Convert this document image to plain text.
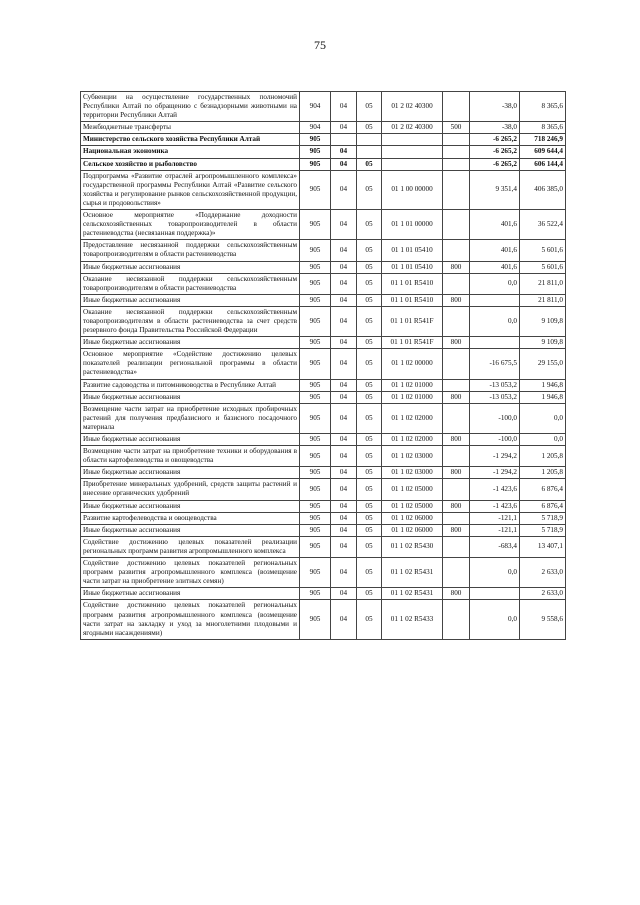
75
Субвенции на осуществление государственных полномочий Республики Алтай по обращению с безнадзорными животными на территории Республики Алтай	904	04	05	01 2 02 40300		-38,0	8 365,6
Межбюджетные трансферты	904	04	05	01 2 02 40300	500	-38,0	8 365,6
Министерство сельского хозяйства Республики Алтай	905					-6 265,2	718 246,9
Национальная экономика	905	04				-6 265,2	609 644,4
Сельское хозяйство и рыболовство	905	04	05			-6 265,2	606 144,4
Подпрограмма «Развитие отраслей агропромышленного комплекса» государственной программы Республики Алтай «Развитие сельского хозяйства и регулирование рынков сельскохозяйственной продукции, сырья и продовольствия»	905	04	05	01 1 00 00000		9 351,4	406 385,0
Основное мероприятие «Поддержание доходности сельскохозяйственных товаропроизводителей в области растениеводства (несвязанная поддержка)»	905	04	05	01 1 01 00000		401,6	36 522,4
Предоставление несвязанной поддержки сельскохозяйственным товаропроизводителям в области растениеводства	905	04	05	01 1 01 05410		401,6	5 601,6
Иные бюджетные ассигнования	905	04	05	01 1 01 05410	800	401,6	5 601,6
Оказание несвязанной поддержки сельскохозяйственным товаропроизводителям в области растениеводства	905	04	05	01 1 01 R5410		0,0	21 811,0
Иные бюджетные ассигнования	905	04	05	01 1 01 R5410	800		21 811,0
Оказание несвязанной поддержки сельскохозяйственным товаропроизводителям в области растениеводства за счет средств резервного фонда Правительства Российской Федерации	905	04	05	01 1 01 R541F		0,0	9 109,8
Иные бюджетные ассигнования	905	04	05	01 1 01 R541F	800		9 109,8
Основное мероприятие «Содействие достижению целевых показателей реализации региональной программы в области растениеводства»	905	04	05	01 1 02 00000		-16 675,5	29 155,0
Развитие садоводства и питомниководства в Республике Алтай	905	04	05	01 1 02 01000		-13 053,2	1 946,8
Иные бюджетные ассигнования	905	04	05	01 1 02 01000	800	-13 053,2	1 946,8
Возмещение части затрат на приобретение исходных пробирочных растений для получения предбазисного и базисного посадочного материала	905	04	05	01 1 02 02000		-100,0	0,0
Иные бюджетные ассигнования	905	04	05	01 1 02 02000	800	-100,0	0,0
Возмещение части затрат на приобретение техники и оборудования в области картофелеводства и овощеводства	905	04	05	01 1 02 03000		-1 294,2	1 205,8
Иные бюджетные ассигнования	905	04	05	01 1 02 03000	800	-1 294,2	1 205,8
Приобретение минеральных удобрений, средств защиты растений и внесение органических удобрений	905	04	05	01 1 02 05000		-1 423,6	6 876,4
Иные бюджетные ассигнования	905	04	05	01 1 02 05000	800	-1 423,6	6 876,4
Развитие картофелеводства и овощеводства	905	04	05	01 1 02 06000		-121,1	5 718,9
Иные бюджетные ассигнования	905	04	05	01 1 02 06000	800	-121,1	5 718,9
Содействие достижению целевых показателей реализации региональных программ развития агропромышленного комплекса	905	04	05	01 1 02 R5430		-683,4	13 407,1
Содействие достижению целевых показателей региональных программ развития агропромышленного комплекса (возмещение части затрат на приобретение элитных семян)	905	04	05	01 1 02 R5431		0,0	2 633,0
Иные бюджетные ассигнования	905	04	05	01 1 02 R5431	800		2 633,0
Содействие достижению целевых показателей региональных программ развития агропромышленного комплекса (возмещение части затрат на закладку и уход за многолетними плодовыми и ягодными насаждениями)	905	04	05	01 1 02 R5433		0,0	9 558,6
